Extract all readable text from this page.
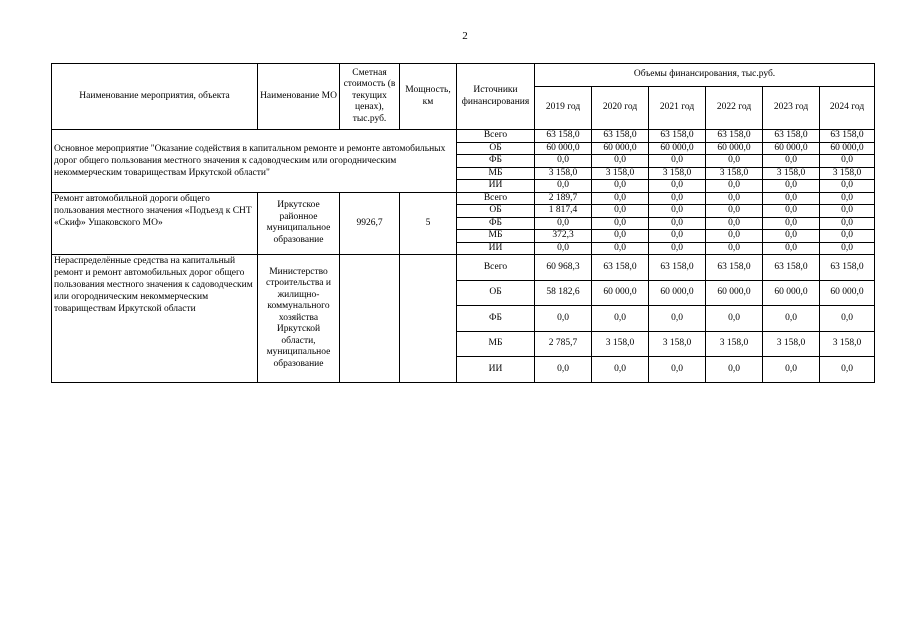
2
Наименование мероприятия, объекта	Наименование МО	Сметная стоимость (в текущих ценах), тыс.руб.	Мощность, км	Источники финансирования	Объемы финансирования, тыс.руб.					
					2019 год	2020 год	2021 год	2022 год	2023 год	2024 год
Основное мероприятие "Оказание содействия в капитальном ремонте и ремонте автомобильных дорог общего пользования местного значения к садоводческим или огородническим некоммерческим товариществам Иркутской области"				Всего	63 158,0	63 158,0	63 158,0	63 158,0	63 158,0	63 158,0
				ОБ	60 000,0	60 000,0	60 000,0	60 000,0	60 000,0	60 000,0
				ФБ	0,0	0,0	0,0	0,0	0,0	0,0
				МБ	3 158,0	3 158,0	3 158,0	3 158,0	3 158,0	3 158,0
				ИИ	0,0	0,0	0,0	0,0	0,0	0,0
Ремонт автомобильной дороги общего пользования местного значения «Подъезд к СНТ «Скиф» Ушаковского МО»	Иркутское районное муниципальное образование	9926,7	5	Всего	2 189,7	0,0	0,0	0,0	0,0	0,0
				ОБ	1 817,4	0,0	0,0	0,0	0,0	0,0
				ФБ	0,0	0,0	0,0	0,0	0,0	0,0
				МБ	372,3	0,0	0,0	0,0	0,0	0,0
				ИИ	0,0	0,0	0,0	0,0	0,0	0,0
Нераспределённые средства на капитальный ремонт и ремонт автомобильных дорог общего пользования местного значения к садоводческим или огородническим некоммерческим товариществам Иркутской области	Министерство строительства и жилищно-коммунального хозяйства Иркутской области, муниципальное образование			Всего	60 968,3	63 158,0	63 158,0	63 158,0	63 158,0	63 158,0
				ОБ	58 182,6	60 000,0	60 000,0	60 000,0	60 000,0	60 000,0
				ФБ	0,0	0,0	0,0	0,0	0,0	0,0
				МБ	2 785,7	3 158,0	3 158,0	3 158,0	3 158,0	3 158,0
				ИИ	0,0	0,0	0,0	0,0	0,0	0,0
